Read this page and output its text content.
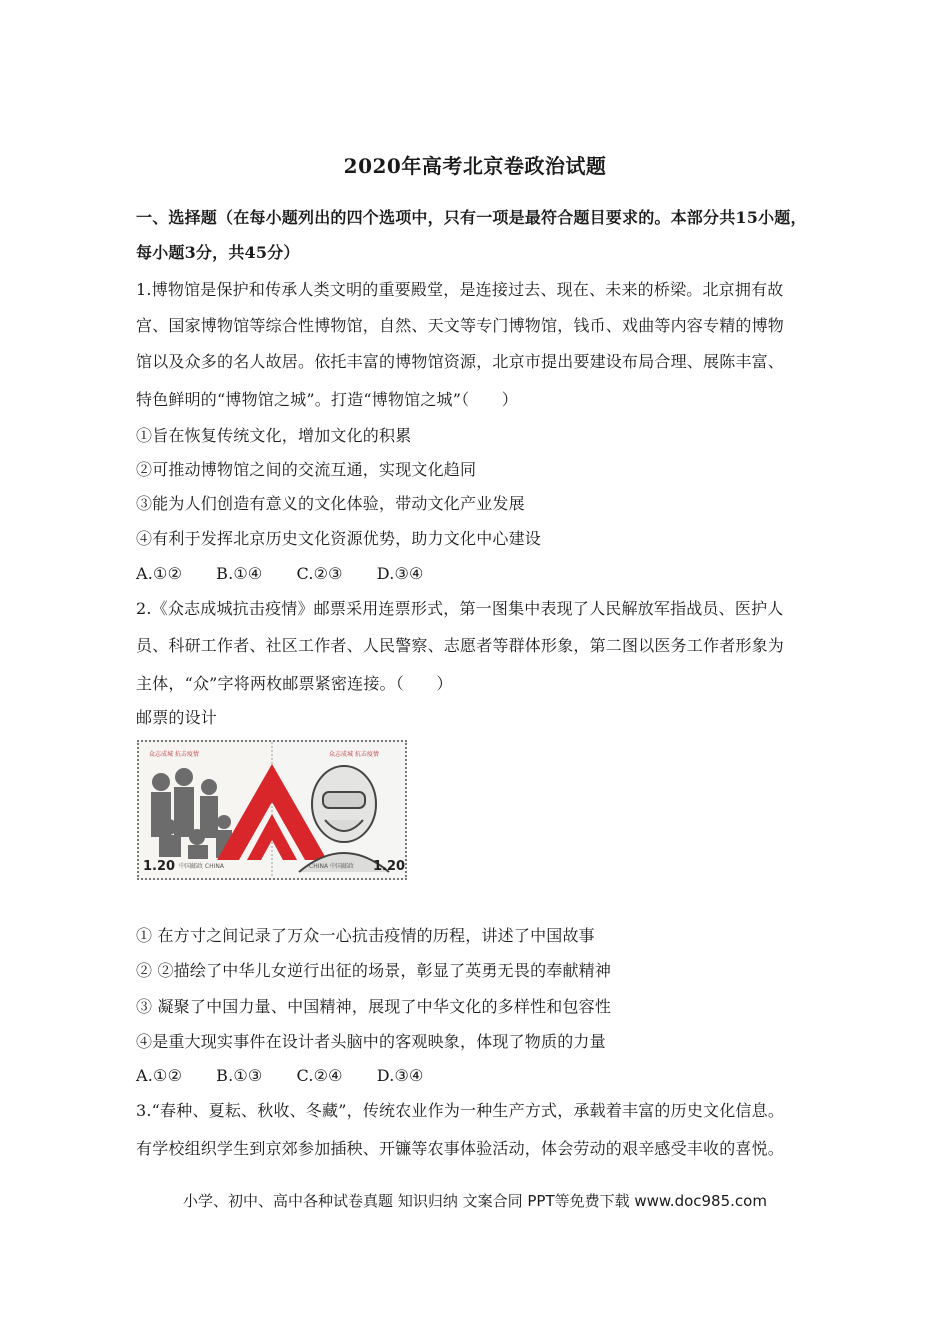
2020年高考北京卷政治试题
一、选择题（在每小题列出的四个选项中，只有一项是最符合题目要求的。本部分共15小题，
每小题3分，共45分）
1.博物馆是保护和传承人类文明的重要殿堂，是连接过去、现在、未来的桥梁。北京拥有故
宫、国家博物馆等综合性博物馆，自然、天文等专门博物馆，钱币、戏曲等内容专精的博物
馆以及众多的名人故居。依托丰富的博物馆资源，北京市提出要建设布局合理、展陈丰富、
特色鲜明的“博物馆之城”。打造“博物馆之城”（　　）
①旨在恢复传统文化，增加文化的积累
②可推动博物馆之间的交流互通，实现文化趋同
③能为人们创造有意义的文化体验，带动文化产业发展
④有利于发挥北京历史文化资源优势，助力文化中心建设
A.①② B.①④ C.②③ D.③④
2.《众志成城抗击疫情》邮票采用连票形式，第一图集中表现了人民解放军指战员、医护人
员、科研工作者、社区工作者、人民警察、志愿者等群体形象，第二图以医务工作者形象为
主体，“众”字将两枚邮票紧密连接。（　　）
邮票的设计
众志成城 抗击疫情	众志成城 抗击疫情
1.20 中国邮政 CHINA	CHINA 中国邮政 1.20
① 在方寸之间记录了万众一心抗击疫情的历程，讲述了中国故事
② ②描绘了中华儿女逆行出征的场景，彰显了英勇无畏的奉献精神
③ 凝聚了中国力量、中国精神，展现了中华文化的多样性和包容性
④是重大现实事件在设计者头脑中的客观映象，体现了物质的力量
A.①② B.①③ C.②④ D.③④
3.“春种、夏耘、秋收、冬藏”，传统农业作为一种生产方式，承载着丰富的历史文化信息。
有学校组织学生到京郊参加插秧、开镰等农事体验活动，体会劳动的艰辛感受丰收的喜悦。
小学、初中、高中各种试卷真题 知识归纳 文案合同 PPT等免费下载 www.doc985.com
